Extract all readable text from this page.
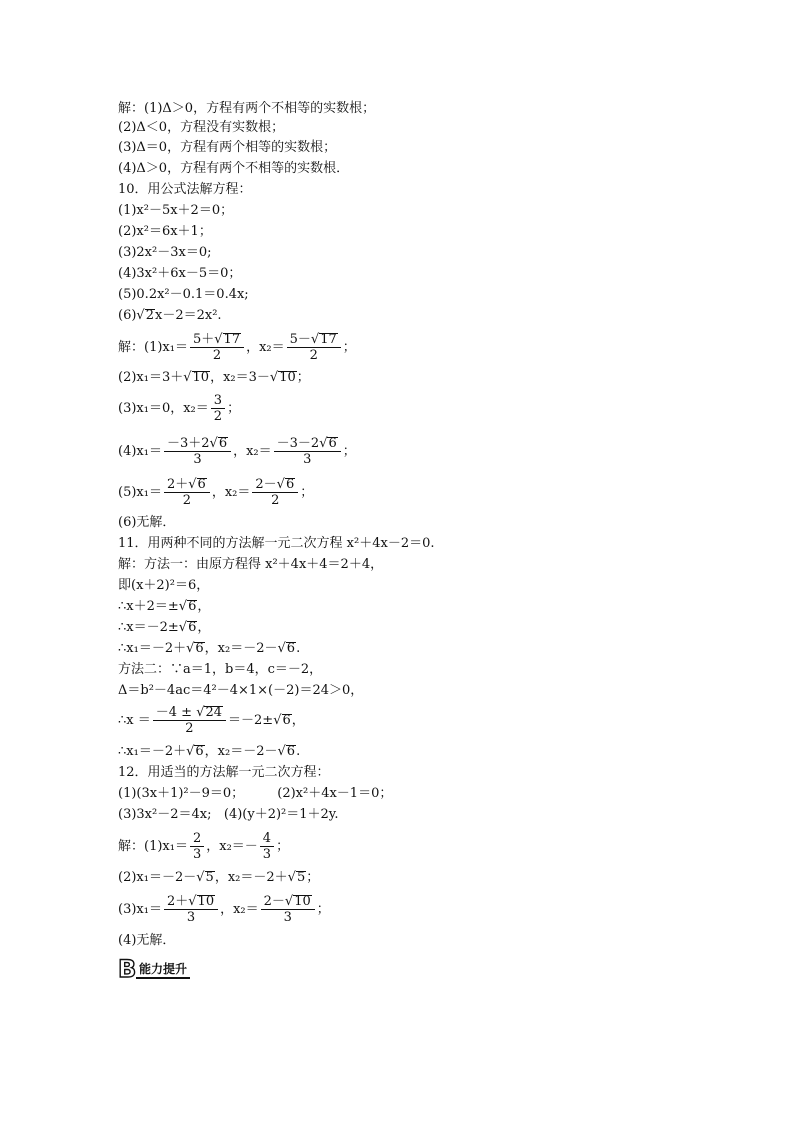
解：(1)Δ＞0，方程有两个不相等的实数根；
(2)Δ＜0，方程没有实数根；
(3)Δ＝0，方程有两个相等的实数根；
(4)Δ＞0，方程有两个不相等的实数根．
10．用公式法解方程：
(1)x²－5x＋2＝0；
(2)x²＝6x＋1；
(3)2x²－3x＝0;
(4)3x²＋6x－5＝0；
(5)0.2x²－0.1＝0.4x;
(6) √ 2 x－2＝2x².
解：$(1)x_1= \frac{5+ √ 17}{2}$ ，$x_2= \frac{5- √ 17}{2}$ ；
(2)x₁＝3＋ √ 10 ，x₂＝3－ √ 10 ；
(3)x₁＝0，$x_2= \frac{3}{2}$ ；
$(4)x_1= \frac{-3+2 √ 6}{3}$ ，$x_2= \frac{-3-2 √ 6}{3}$ ；
$(5)x_1= \frac{2+ √ 6}{2}$ ，$x_2= \frac{2- √ 6}{2}$ ；
(6)无解．
11．用两种不同的方法解一元二次方程 x²＋4x－2＝0.
解：方法一：由原方程得 x²＋4x＋4＝2＋4，
即(x＋2)²＝6，
∴x＋2＝± √ 6 ，
∴x＝－2± √ 6 ，
∴x₁＝－2＋ √ 6 ，x₂＝－2－ √ 6 .
方法二：∵a＝1，b＝4，c＝－2，
Δ＝b²－4ac＝4²－4×1×(－2)＝24＞0，
∴x ＝ $\frac{-4 \pm √ 24}{2} =-2\pm$ √ 6 ，
∴x₁＝－2＋ √ 6 ，x₂＝－2－ √ 6 .
12．用适当的方法解一元二次方程：
(1)(3x＋1)²－9＝0；        (2)x²＋4x－1＝0；
(3)3x²－2＝4x;   (4)(y＋2)²＝1＋2y.
解：$(1)x_1= \frac{2}{3}$ ，$x_2=- \frac{4}{3}$ ；
(2)x₁＝－2－ √ 5 ，x₂＝－2＋ √ 5 ；
$(3)x_1= \frac{2+ √ 10}{3}$ ，$x_2= \frac{2- √ 10}{3}$ ；
(4)无解．
B 能力提升
